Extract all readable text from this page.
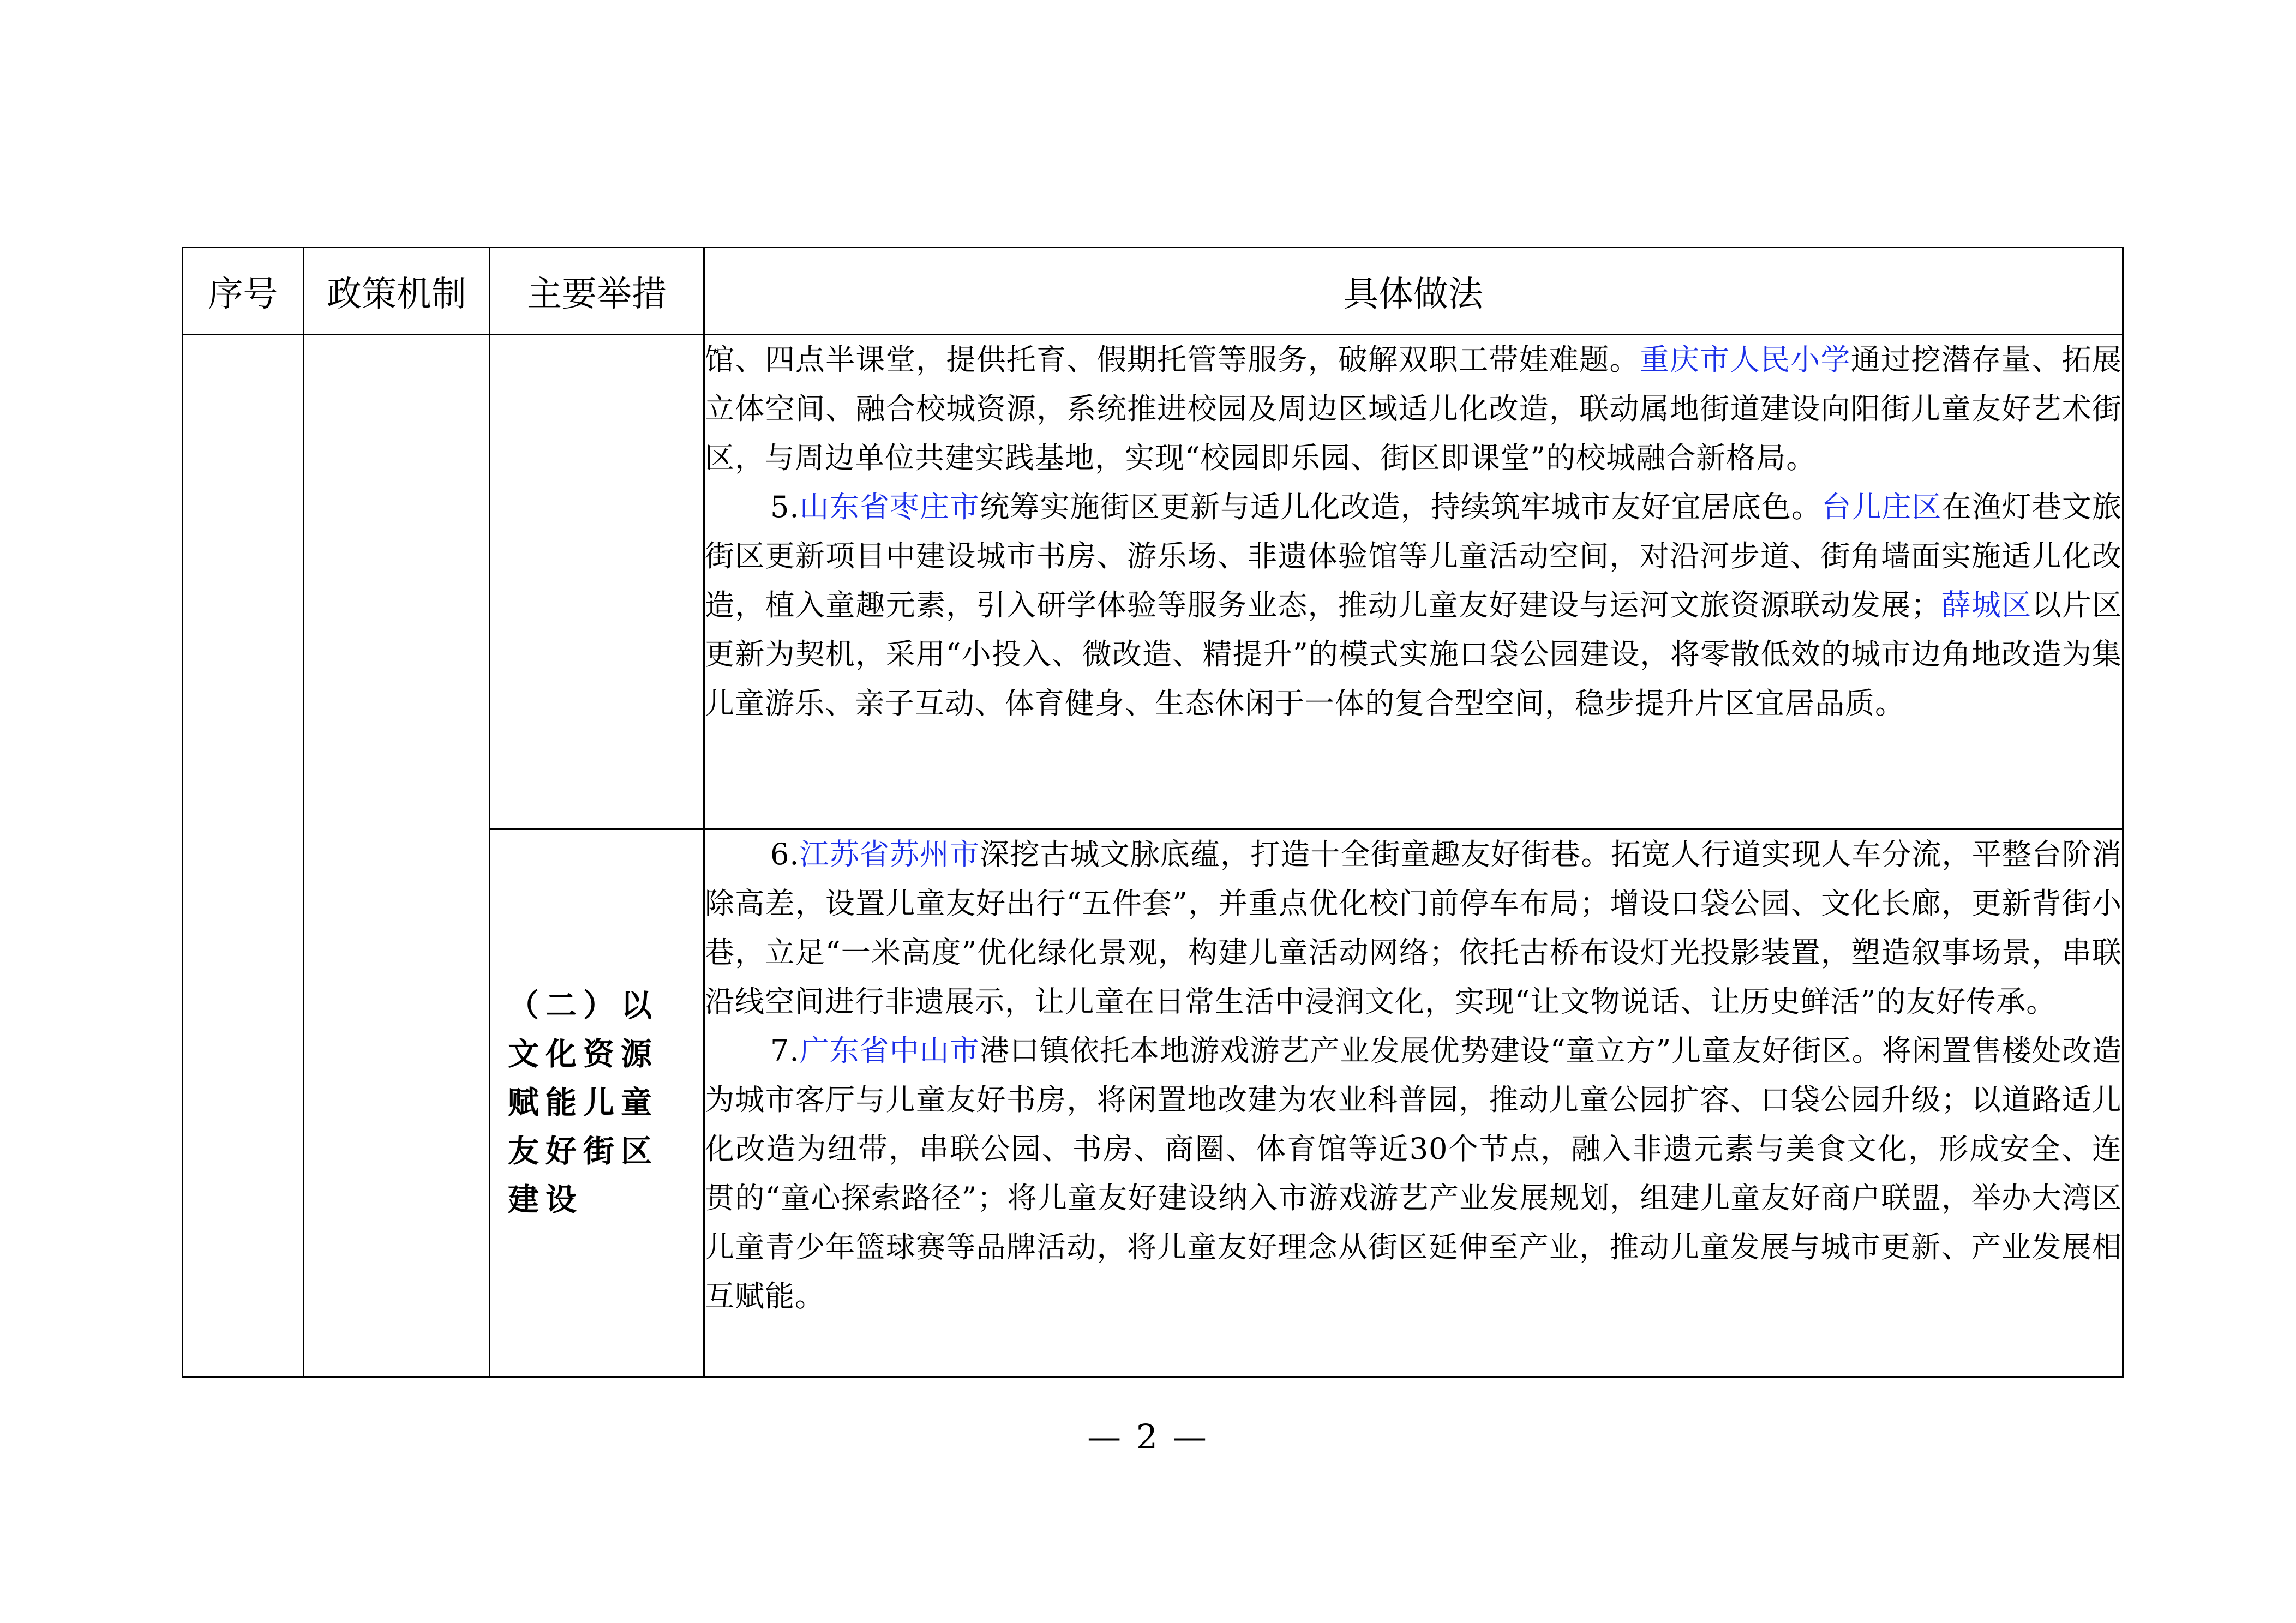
序号	政策机制	主要举措	具体做法

			馆、四点半课堂，提供托育、假期托管等服务，破解双职工带娃难题。重庆市人民小学通过挖潜存量、拓展立体空间、融合校城资源，系统推进校园及周边区域适儿化改造，联动属地街道建设向阳街儿童友好艺术街区，与周边单位共建实践基地，实现“校园即乐园、街区即课堂”的校城融合新格局。

5.山东省枣庄市统筹实施街区更新与适儿化改造，持续筑牢城市友好宜居底色。台儿庄区在渔灯巷文旅街区更新项目中建设城市书房、游乐场、非遗体验馆等儿童活动空间，对沿河步道、街角墙面实施适儿化改造，植入童趣元素，引入研学体验等服务业态，推动儿童友好建设与运河文旅资源联动发展；薛城区以片区更新为契机，采用“小投入、微改造、精提升”的模式实施口袋公园建设，将零散低效的城市边角地改造为集儿童游乐、亲子互动、体育健身、生态休闲于一体的复合型空间，稳步提升片区宜居品质。

		（二）以文化资源赋能儿童友好街区建设	6.江苏省苏州市深挖古城文脉底蕴，打造十全街童趣友好街巷。拓宽人行道实现人车分流，平整台阶消除高差，设置儿童友好出行“五件套”，并重点优化校门前停车布局；增设口袋公园、文化长廊，更新背街小巷，立足“一米高度”优化绿化景观，构建儿童活动网络；依托古桥布设灯光投影装置，塑造叙事场景，串联沿线空间进行非遗展示，让儿童在日常生活中浸润文化，实现“让文物说话、让历史鲜活”的友好传承。

7.广东省中山市港口镇依托本地游戏游艺产业发展优势建设“童立方”儿童友好街区。将闲置售楼处改造为城市客厅与儿童友好书房，将闲置地改建为农业科普园，推动儿童公园扩容、口袋公园升级；以道路适儿化改造为纽带，串联公园、书房、商圈、体育馆等近30个节点，融入非遗元素与美食文化，形成安全、连贯的“童心探索路径”；将儿童友好建设纳入市游戏游艺产业发展规划，组建儿童友好商户联盟，举办大湾区儿童青少年篮球赛等品牌活动，将儿童友好理念从街区延伸至产业，推动儿童发展与城市更新、产业发展相互赋能。

— 2 —
